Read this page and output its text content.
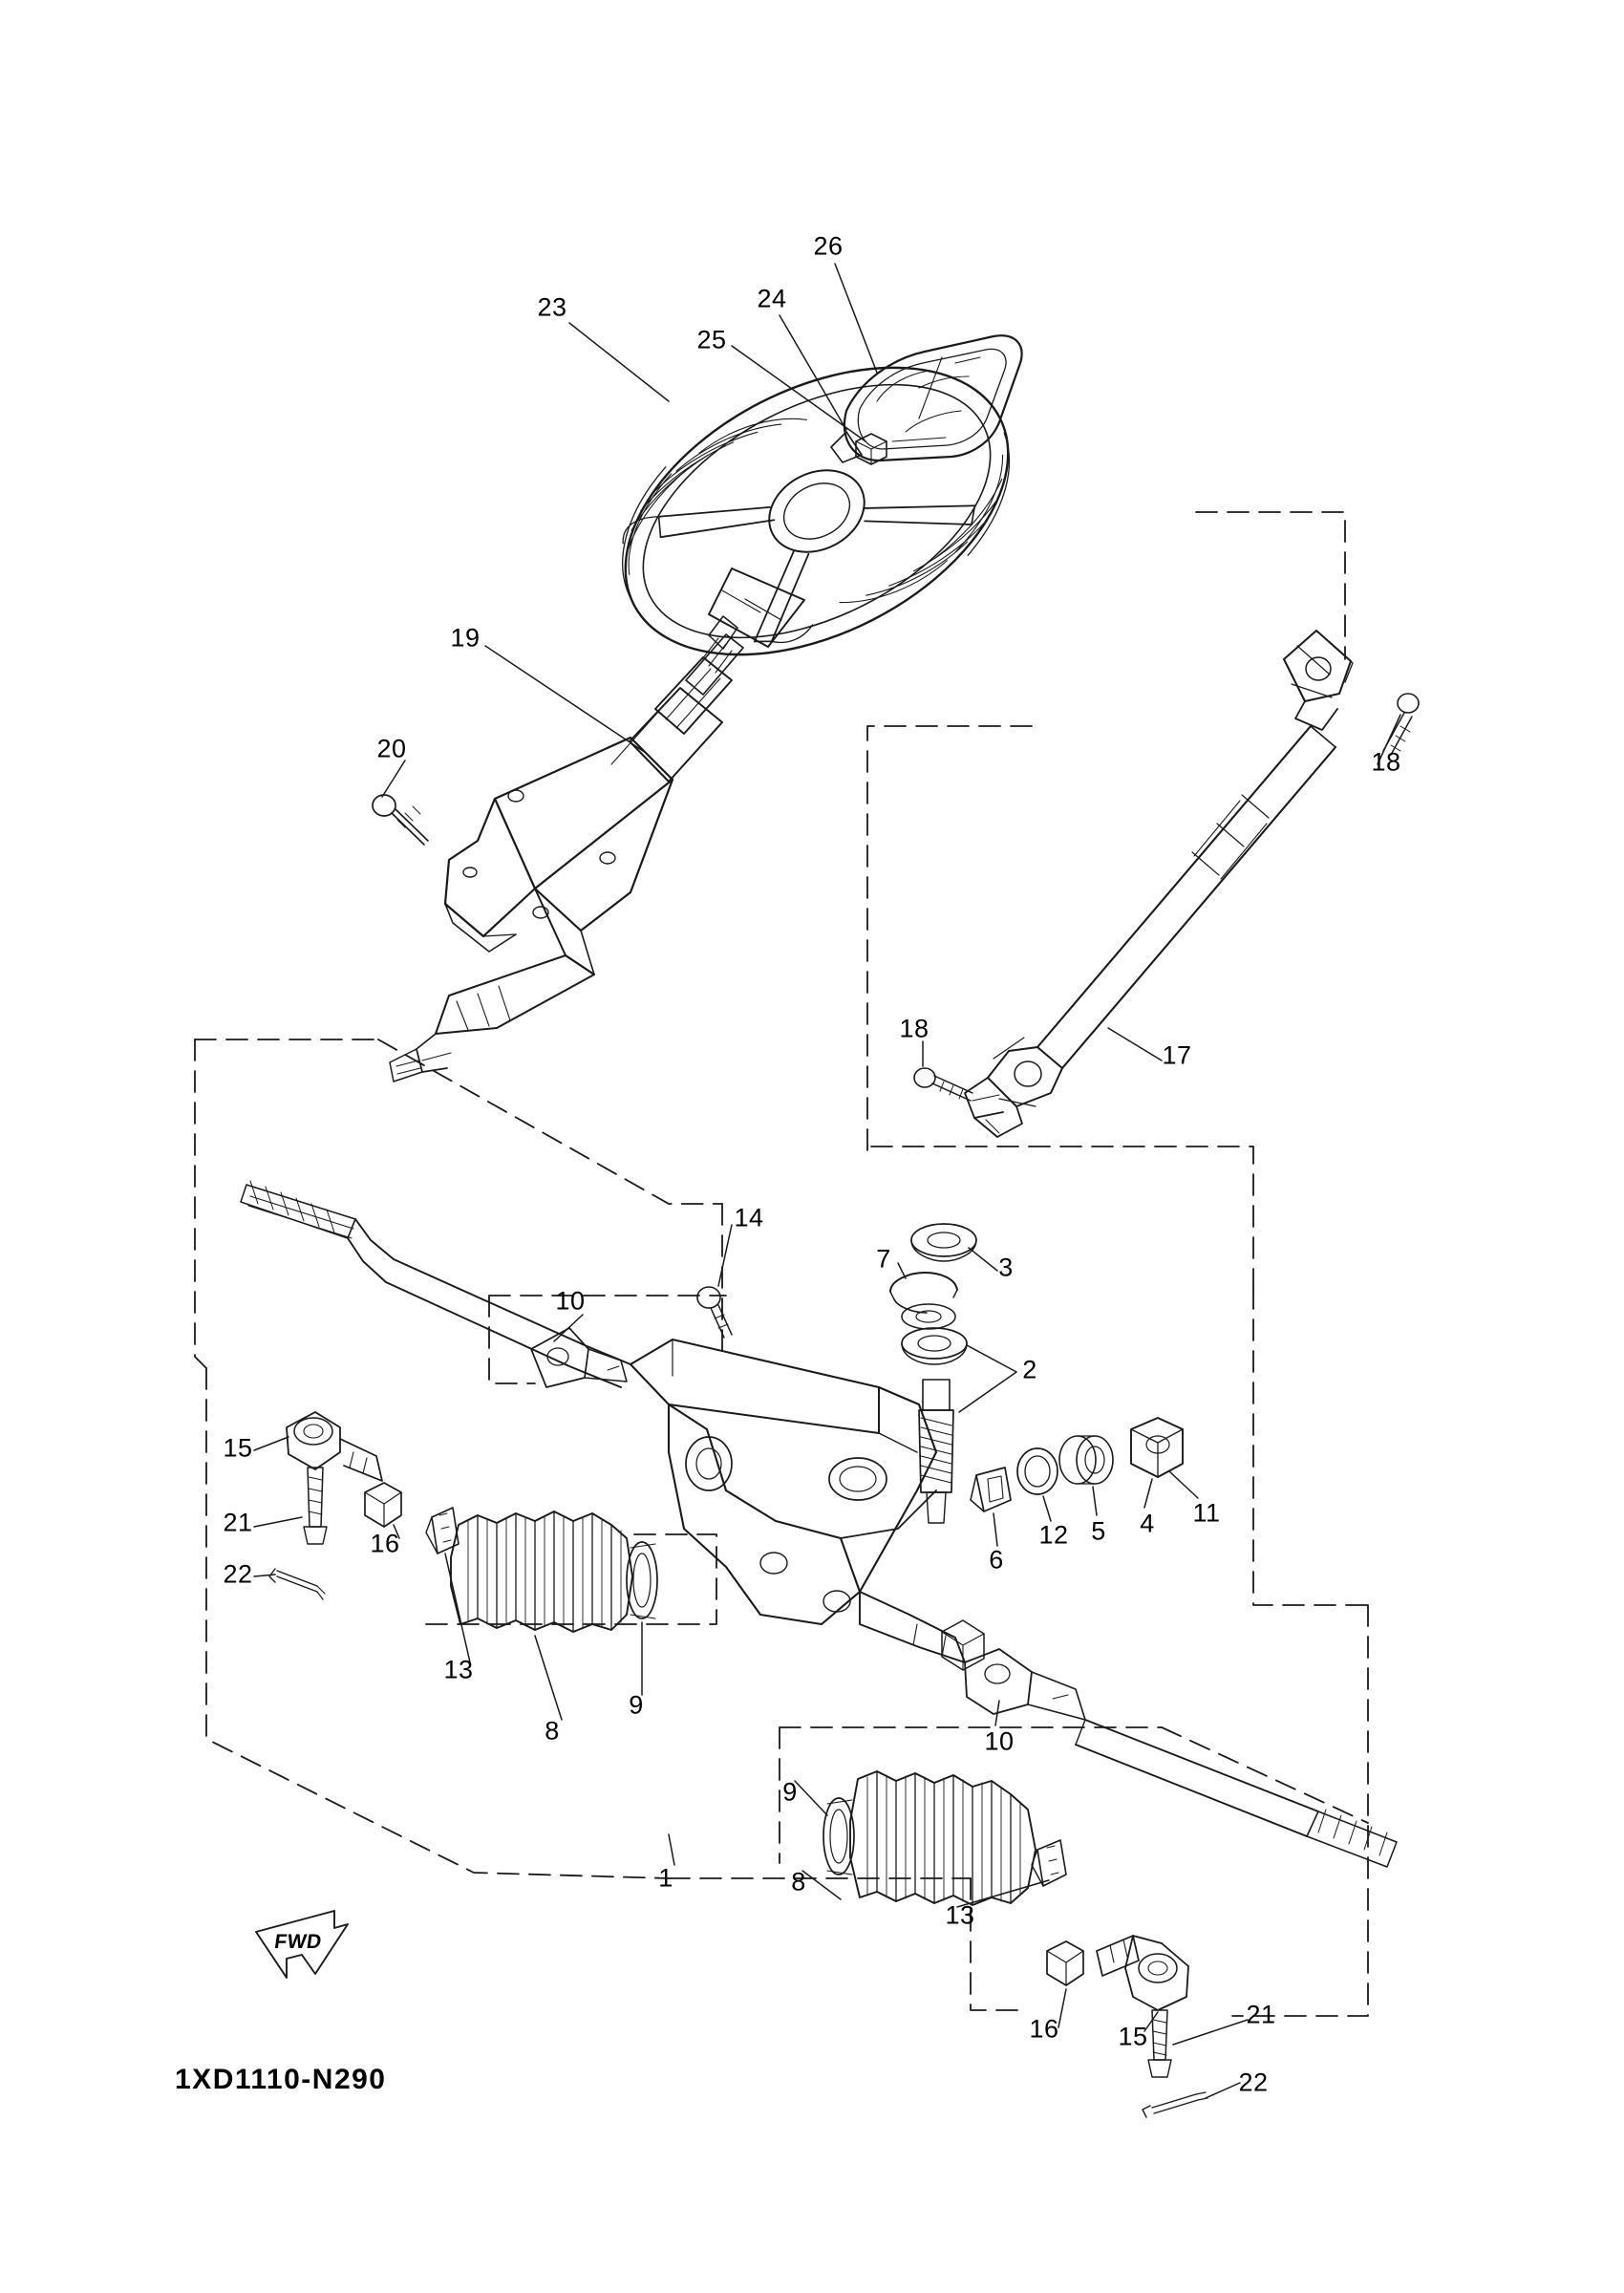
FWD
1XD1110-N290
1
2
3
4
5
6
7
8
8
9
9
10
10
11
12
13
13
14
15
15
16
16
17
18
18
19
20
21
21
22
22
23	24
25
26
